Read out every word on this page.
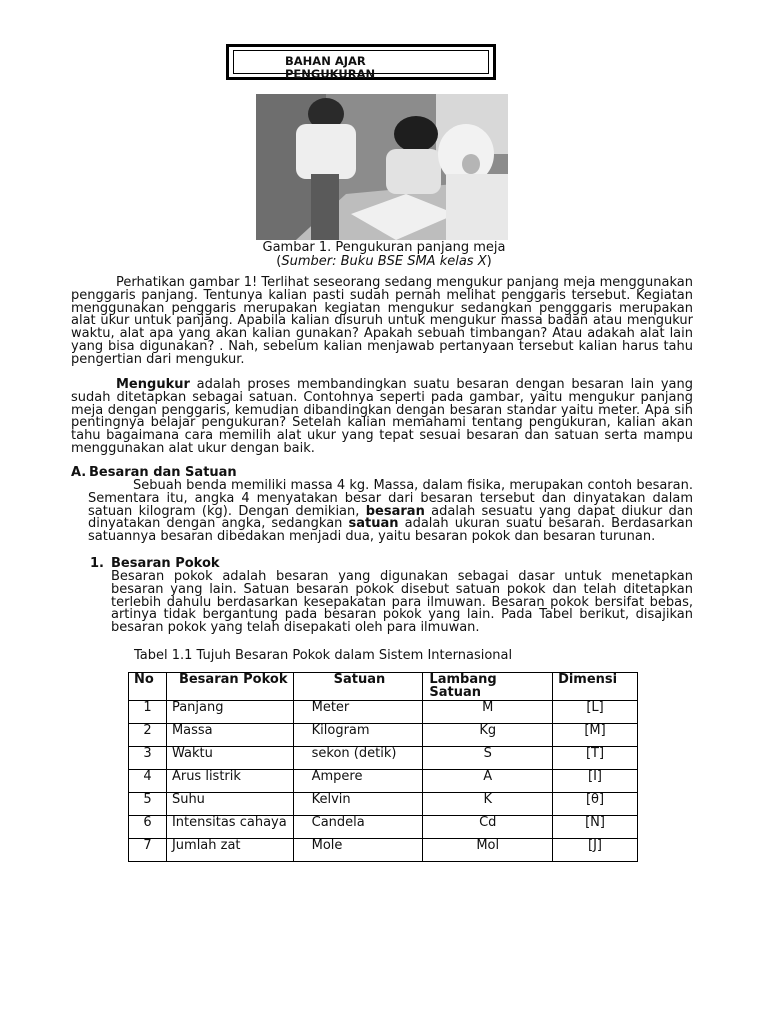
BAHAN AJAR
PENGUKURAN
Gambar 1. Pengukuran panjang meja
(Sumber: Buku BSE SMA kelas X)

Perhatikan gambar 1! Terlihat seseorang sedang mengukur panjang meja menggunakan penggaris panjang. Tentunya kalian pasti sudah pernah melihat penggaris tersebut. Kegiatan menggunakan penggaris merupakan kegiatan mengukur sedangkan pengggaris merupakan alat ukur untuk panjang. Apabila kalian disuruh untuk mengukur massa badan atau mengukur waktu, alat apa yang akan kalian gunakan? Apakah sebuah timbangan? Atau adakah alat lain yang bisa digunakan? . Nah, sebelum kalian menjawab pertanyaan tersebut kalian harus tahu pengertian dari mengukur.

Mengukur adalah proses membandingkan suatu besaran dengan besaran lain yang sudah ditetapkan sebagai satuan. Contohnya seperti pada gambar, yaitu mengukur panjang meja dengan penggaris, kemudian dibandingkan dengan besaran standar yaitu meter. Apa sih pentingnya belajar pengukuran? Setelah kalian memahami tentang pengukuran, kalian akan tahu bagaimana cara memilih alat ukur yang tepat sesuai besaran dan satuan serta mampu menggunakan alat ukur dengan baik.

A. Besaran dan Satuan

Sebuah benda memiliki massa 4 kg. Massa, dalam fisika, merupakan contoh besaran. Sementara itu, angka 4 menyatakan besar dari besaran tersebut dan dinyatakan dalam satuan kilogram (kg). Dengan demikian, besaran adalah sesuatu yang dapat diukur dan dinyatakan dengan angka, sedangkan satuan adalah ukuran suatu besaran. Berdasarkan satuannya besaran dibedakan menjadi dua, yaitu besaran pokok dan besaran turunan.

1. Besaran Pokok

Besaran pokok adalah besaran yang digunakan sebagai dasar untuk menetapkan besaran yang lain. Satuan besaran pokok disebut satuan pokok dan telah ditetapkan terlebih dahulu berdasarkan kesepakatan para ilmuwan. Besaran pokok bersifat bebas, artinya tidak bergantung pada besaran pokok yang lain. Pada Tabel berikut, disajikan besaran pokok yang telah disepakati oleh para ilmuwan.

Tabel 1.1 Tujuh Besaran Pokok dalam Sistem Internasional
No	Besaran Pokok	Satuan	Lambang Satuan	Dimensi
1	Panjang	Meter	M	[L]
2	Massa	Kilogram	Kg	[M]
3	Waktu	sekon (detik)	S	[T]
4	Arus listrik	Ampere	A	[I]
5	Suhu	Kelvin	K	[θ]
6	Intensitas cahaya	Candela	Cd	[N]
7	Jumlah zat	Mole	Mol	[J]
